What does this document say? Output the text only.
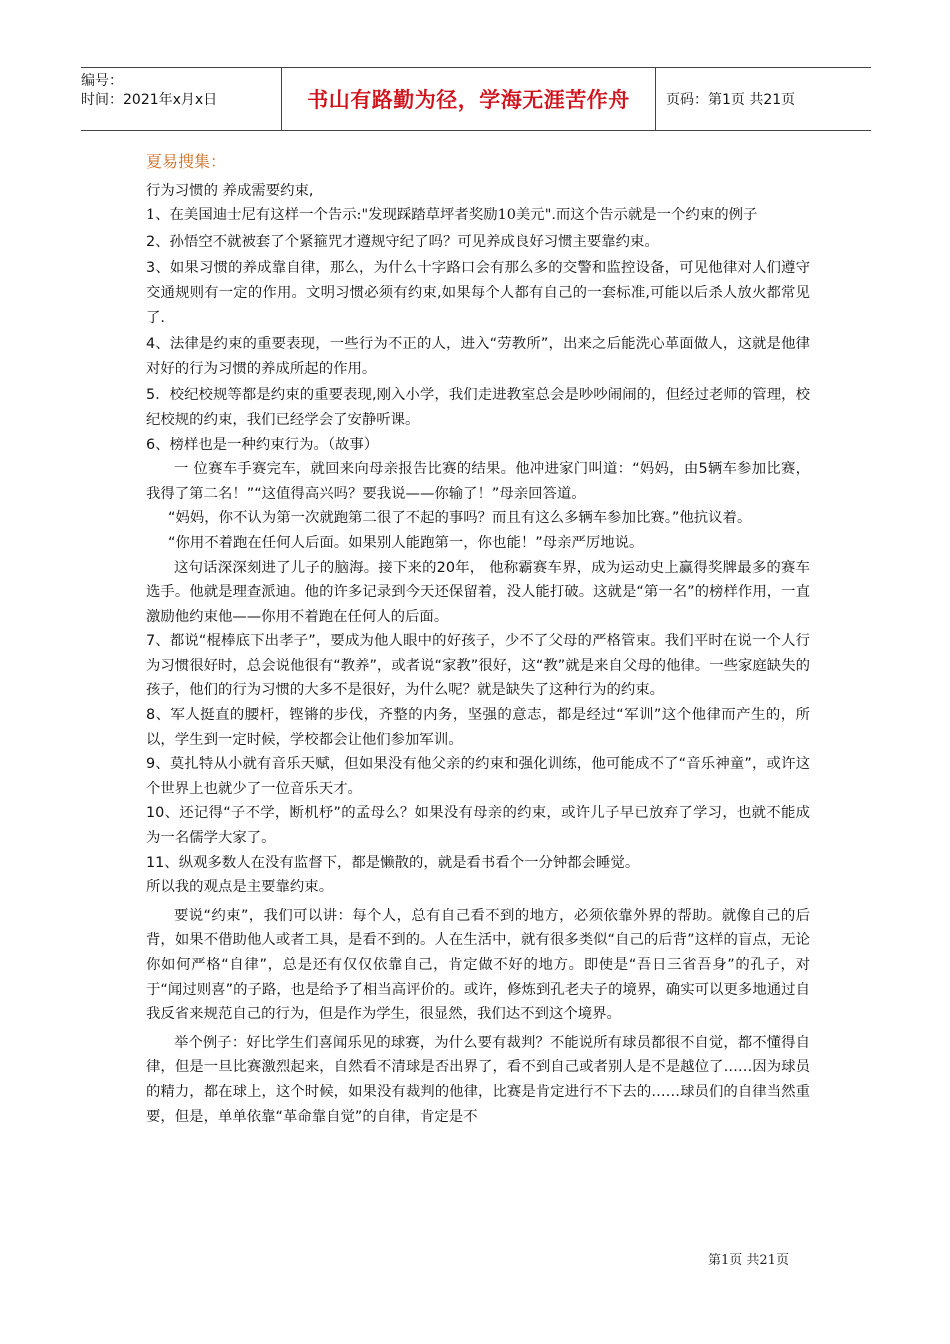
编号：
时间：2021年x月x日	书山有路勤为径，学海无涯苦作舟	页码：第1页 共21页

夏易搜集：

行为习惯的 养成需要约束,

1、在美国迪士尼有这样一个告示:"发现踩踏草坪者奖励10美元".而这个告示就是一个约束的例子

2、孙悟空不就被套了个紧箍咒才遵规守纪了吗？可见养成良好习惯主要靠约束。

3、如果习惯的养成靠自律，那么，为什么十字路口会有那么多的交警和监控设备，可见他律对人们遵守交通规则有一定的作用。文明习惯必须有约束,如果每个人都有自己的一套标准,可能以后杀人放火都常见了.

4、法律是约束的重要表现，一些行为不正的人，进入“劳教所”，出来之后能洗心革面做人，这就是他律对好的行为习惯的养成所起的作用。

5．校纪校规等都是约束的重要表现,刚入小学，我们走进教室总会是吵吵闹闹的，但经过老师的管理，校纪校规的约束，我们已经学会了安静听课。

6、榜样也是一种约束行为。（故事）

一 位赛车手赛完车，就回来向母亲报告比赛的结果。他冲进家门叫道：“妈妈，由5辆车参加比赛，我得了第二名！”“这值得高兴吗？要我说——你输了！”母亲回答道。

“妈妈，你不认为第一次就跑第二很了不起的事吗？而且有这么多辆车参加比赛。”他抗议着。

“你用不着跑在任何人后面。如果别人能跑第一，你也能！”母亲严厉地说。

这句话深深刻进了儿子的脑海。接下来的20年， 他称霸赛车界，成为运动史上赢得奖牌最多的赛车选手。他就是理查派迪。他的许多记录到今天还保留着，没人能打破。这就是“第一名”的榜样作用，一直激励他约束他——你用不着跑在任何人的后面。

7、都说“棍棒底下出孝子”，要成为他人眼中的好孩子，少不了父母的严格管束。我们平时在说一个人行为习惯很好时，总会说他很有“教养”，或者说“家教”很好，这“教”就是来自父母的他律。一些家庭缺失的孩子，他们的行为习惯的大多不是很好，为什么呢？就是缺失了这种行为的约束。

8、军人挺直的腰杆，铿锵的步伐，齐整的内务，坚强的意志，都是经过“军训”这个他律而产生的，所以，学生到一定时候，学校都会让他们参加军训。

9、莫扎特从小就有音乐天赋，但如果没有他父亲的约束和强化训练，他可能成不了“音乐神童”，或许这个世界上也就少了一位音乐天才。

10、还记得“子不学，断机杼”的孟母么？如果没有母亲的约束，或许儿子早已放弃了学习，也就不能成为一名儒学大家了。

11、纵观多数人在没有监督下，都是懒散的，就是看书看个一分钟都会睡觉。

所以我的观点是主要靠约束。

要说“约束”，我们可以讲：每个人，总有自己看不到的地方，必须依靠外界的帮助。就像自己的后背，如果不借助他人或者工具，是看不到的。人在生活中，就有很多类似“自己的后背”这样的盲点，无论你如何严格“自律”，总是还有仅仅依靠自己，肯定做不好的地方。即使是“吾日三省吾身”的孔子，对于“闻过则喜”的子路，也是给予了相当高评价的。或许，修炼到孔老夫子的境界，确实可以更多地通过自我反省来规范自己的行为，但是作为学生，很显然，我们达不到这个境界。

举个例子：好比学生们喜闻乐见的球赛，为什么要有裁判？不能说所有球员都很不自觉，都不懂得自律，但是一旦比赛激烈起来，自然看不清球是否出界了，看不到自己或者别人是不是越位了……因为球员的精力，都在球上，这个时候，如果没有裁判的他律，比赛是肯定进行不下去的……球员们的自律当然重要，但是，单单依靠“革命靠自觉”的自律，肯定是不

第1页 共21页
